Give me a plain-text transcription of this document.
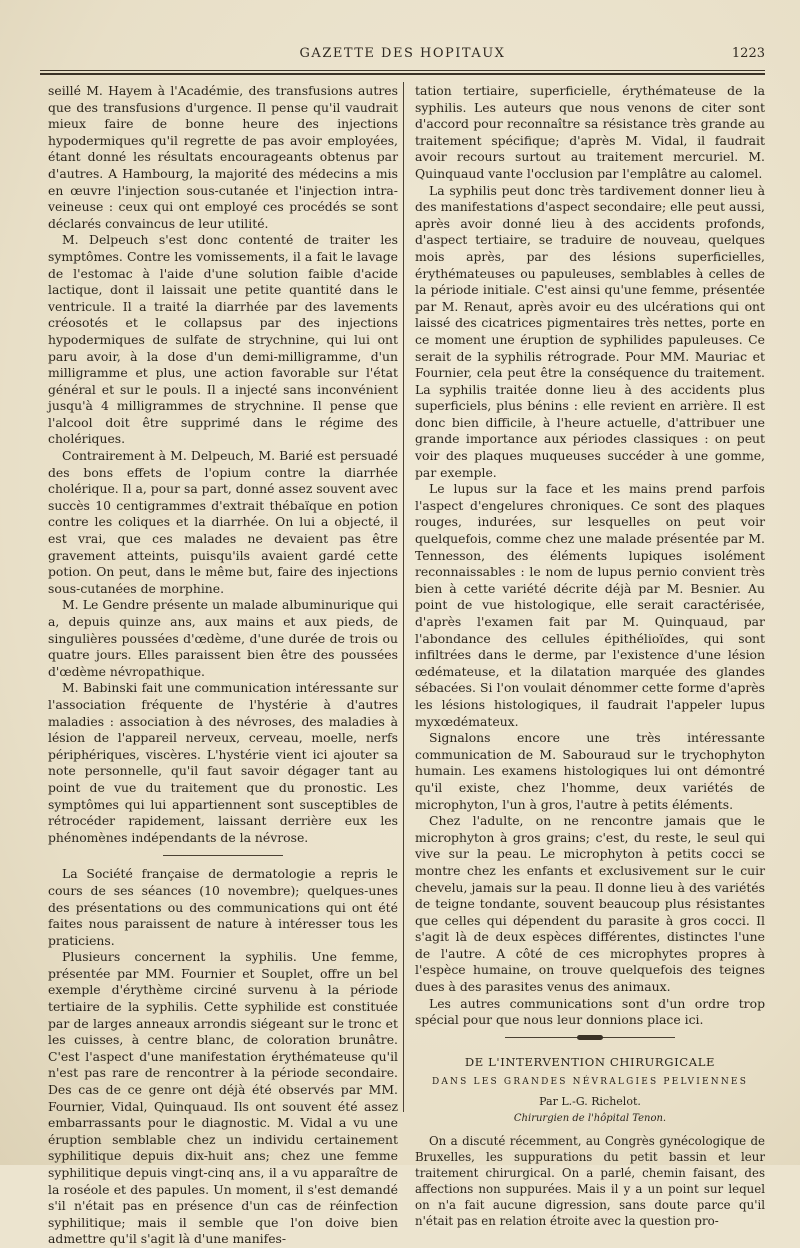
GAZETTE DES HOPITAUX	1223

seillé M. Hayem à l'Académie, des transfusions autres que des transfusions d'urgence. Il pense qu'il vaudrait mieux faire de bonne heure des injections hypodermiques qu'il regrette de pas avoir employées, étant donné les résultats encourageants obtenus par d'autres. A Hambourg, la majorité des médecins a mis en œuvre l'injection sous-cutanée et l'injection intra-veineuse : ceux qui ont employé ces procédés se sont déclarés convaincus de leur utilité.

M. Delpeuch s'est donc contenté de traiter les symptômes. Contre les vomissements, il a fait le lavage de l'estomac à l'aide d'une solution faible d'acide lactique, dont il laissait une petite quantité dans le ventricule. Il a traité la diarrhée par des lavements créosotés et le collapsus par des injections hypodermiques de sulfate de strychnine, qui lui ont paru avoir, à la dose d'un demi-milligramme, d'un milligramme et plus, une action favorable sur l'état général et sur le pouls. Il a injecté sans inconvénient jusqu'à 4 milligrammes de strychnine. Il pense que l'alcool doit être supprimé dans le régime des cholériques.

Contrairement à M. Delpeuch, M. Barié est persuadé des bons effets de l'opium contre la diarrhée cholérique. Il a, pour sa part, donné assez souvent avec succès 10 centigrammes d'extrait thébaïque en potion contre les coliques et la diarrhée. On lui a objecté, il est vrai, que ces malades ne devaient pas être gravement atteints, puisqu'ils avaient gardé cette potion. On peut, dans le même but, faire des injections sous-cutanées de morphine.

M. Le Gendre présente un malade albuminurique qui a, depuis quinze ans, aux mains et aux pieds, de singulières poussées d'œdème, d'une durée de trois ou quatre jours. Elles paraissent bien être des poussées d'œdème névropathique.

M. Babinski fait une communication intéressante sur l'association fréquente de l'hystérie à d'autres maladies : association à des névroses, des maladies à lésion de l'appareil nerveux, cerveau, moelle, nerfs périphériques, viscères. L'hystérie vient ici ajouter sa note personnelle, qu'il faut savoir dégager tant au point de vue du traitement que du pronostic. Les symptômes qui lui appartiennent sont susceptibles de rétrocéder rapidement, laissant derrière eux les phénomènes indépendants de la névrose.

La Société française de dermatologie a repris le cours de ses séances (10 novembre); quelques-unes des présentations ou des communications qui ont été faites nous paraissent de nature à intéresser tous les praticiens.

Plusieurs concernent la syphilis. Une femme, présentée par MM. Fournier et Souplet, offre un bel exemple d'érythème circiné survenu à la période tertiaire de la syphilis. Cette syphilide est constituée par de larges anneaux arrondis siégeant sur le tronc et les cuisses, à centre blanc, de coloration brunâtre. C'est l'aspect d'une manifestation érythémateuse qu'il n'est pas rare de rencontrer à la période secondaire. Des cas de ce genre ont déjà été observés par MM. Fournier, Vidal, Quinquaud. Ils ont souvent été assez embarrassants pour le diagnostic. M. Vidal a vu une éruption semblable chez un individu certainement syphilitique depuis dix-huit ans; chez une femme syphilitique depuis vingt-cinq ans, il a vu apparaître de la roséole et des papules. Un moment, il s'est demandé s'il n'était pas en présence d'un cas de réinfection syphilitique; mais il semble que l'on doive bien admettre qu'il s'agit là d'une manifes-

tation tertiaire, superficielle, érythémateuse de la syphilis. Les auteurs que nous venons de citer sont d'accord pour reconnaître sa résistance très grande au traitement spécifique; d'après M. Vidal, il faudrait avoir recours surtout au traitement mercuriel. M. Quinquaud vante l'occlusion par l'emplâtre au calomel.

La syphilis peut donc très tardivement donner lieu à des manifestations d'aspect secondaire; elle peut aussi, après avoir donné lieu à des accidents profonds, d'aspect tertiaire, se traduire de nouveau, quelques mois après, par des lésions superficielles, érythémateuses ou papuleuses, semblables à celles de la période initiale. C'est ainsi qu'une femme, présentée par M. Renaut, après avoir eu des ulcérations qui ont laissé des cicatrices pigmentaires très nettes, porte en ce moment une éruption de syphilides papuleuses. Ce serait de la syphilis rétrograde. Pour MM. Mauriac et Fournier, cela peut être la conséquence du traitement. La syphilis traitée donne lieu à des accidents plus superficiels, plus bénins : elle revient en arrière. Il est donc bien difficile, à l'heure actuelle, d'attribuer une grande importance aux périodes classiques : on peut voir des plaques muqueuses succéder à une gomme, par exemple.

Le lupus sur la face et les mains prend parfois l'aspect d'engelures chroniques. Ce sont des plaques rouges, indurées, sur lesquelles on peut voir quelquefois, comme chez une malade présentée par M. Tennesson, des éléments lupiques isolément reconnaissables : le nom de lupus pernio convient très bien à cette variété décrite déjà par M. Besnier. Au point de vue histologique, elle serait caractérisée, d'après l'examen fait par M. Quinquaud, par l'abondance des cellules épithélioïdes, qui sont infiltrées dans le derme, par l'existence d'une lésion œdémateuse, et la dilatation marquée des glandes sébacées. Si l'on voulait dénommer cette forme d'après les lésions histologiques, il faudrait l'appeler lupus myxœdémateux.

Signalons encore une très intéressante communication de M. Sabouraud sur le trychophyton humain. Les examens histologiques lui ont démontré qu'il existe, chez l'homme, deux variétés de microphyton, l'un à gros, l'autre à petits éléments.

Chez l'adulte, on ne rencontre jamais que le microphyton à gros grains; c'est, du reste, le seul qui vive sur la peau. Le microphyton à petits cocci se montre chez les enfants et exclusivement sur le cuir chevelu, jamais sur la peau. Il donne lieu à des variétés de teigne tondante, souvent beaucoup plus résistantes que celles qui dépendent du parasite à gros cocci. Il s'agit là de deux espèces différentes, distinctes l'une de l'autre. A côté de ces microphytes propres à l'espèce humaine, on trouve quelquefois des teignes dues à des parasites venus des animaux.

Les autres communications sont d'un ordre trop spécial pour que nous leur donnions place ici.

DE L'INTERVENTION CHIRURGICALE
DANS LES GRANDES NÉVRALGIES PELVIENNES
Par L.-G. Richelot.
Chirurgien de l'hôpital Tenon.

On a discuté récemment, au Congrès gynécologique de Bruxelles, les suppurations du petit bassin et leur traitement chirurgical. On a parlé, chemin faisant, des affections non suppurées. Mais il y a un point sur lequel on n'a fait aucune digression, sans doute parce qu'il n'était pas en relation étroite avec la question pro-
